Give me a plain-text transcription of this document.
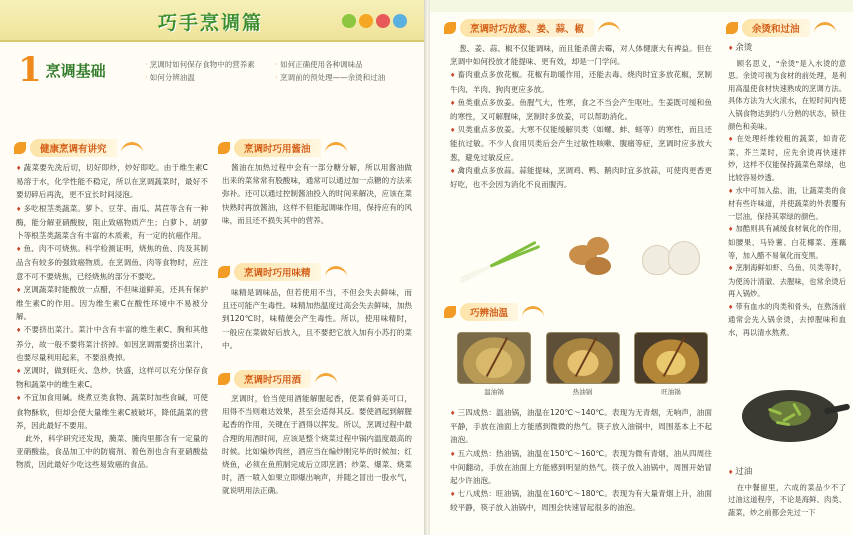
巧手烹调篇
1 烹调基础	· 烹调时如何保存食物中的营养素	· 如何正确使用各种调味品 · 如何分辨油温	· 烹调前的预处理——余烫和过油
健康烹调有讲究

♦ 蔬菜要先洗后切，切好即炒，炒好即吃。由于维生素C易溶于水，化学性能不稳定，所以在烹调蔬菜时，最好不要切碎后再洗，更不宜长时间浸泡。

♦ 多吃根茎类蔬菜。萝卜、豆芽、南瓜、莴苣等含有一种酶，能分解亚硝酸胺，阻止致癌物质产生；白萝卜、胡萝卜等根茎类蔬菜含有丰富的木质素，有一定的抗癌作用。

♦ 鱼、肉不可烧焦。科学检测证明，烧焦的鱼、肉及其制品含有较多的强致癌物质。在烹调鱼、肉等食物时，应注意不可不要烧焦，已经烧焦的部分不要吃。

♦ 烹调蔬菜时能酸放一点醋，不但味道鲜美，还具有保护维生素C的作用。因为维生素C在酸性环境中不易被分解。

♦ 不要挤出菜汁。菜汁中含有丰富的维生素C、胸和其他养分，故一般不要将菜汁挤掉。如因烹调需要挤出菜汁，也要尽量利用起来，不要浪费掉。

♦ 烹调时，做到旺火、急炒、快盛，这样可以充分保存食物和蔬菜中的维生素C。

♦ 不宜加食用碱。烧煮豆类食物、蔬菜时加些食碱，可使食物酥软，但却会使大量维生素C被破坏，降低蔬菜的营养，因此最好不要用。

此外，科学研究还发现，腌菜、腌肉里都含有一定量的亚硝酸盐，食品加工中的防腐剂、着色剂也含有亚硝酸盐物质，因此最好少吃这些易致癌的食品。

烹调时巧用酱油

酱油在加热过程中会有一部分糖分解，所以用酱油做出来的菜常常有股酸味，通常可以通过加一点糖的方法来弥补。还可以通过控制酱油投入的时间来解决，应该在菜快熟时再放酱油，这样不但能起调味作用，保持应有的风味，而且还不损失其中的营养。

烹调时巧用味精

味精是调味品，但若使用不当，不但会失去鲜味，而且还可能产生毒性。味精加热温度过高会失去鲜味，加热到120℃时，味精便会产生毒性。所以，使用味精时，一般应在菜做好后放入，且不要把它放入加有小苏打的菜中。

烹调时巧用酒

烹调时，恰当使用酒能解腥起香，使菜肴鲜美可口，用得不当则难达效果，甚至会适得其反。要使酒起到解腥起香的作用，关键在于酒得以挥发。所以，烹调过程中最合理的用酒时间，应该是整个烧菜过程中锅内温度最高的时候。比如煸炒肉丝，酒应当在煸炒刚完毕的时候加；红烧鱼，必须在鱼煎制完成后立即烹酒；炒菜、爆菜、烧菜时，酒一喷入如果立即爆出响声，并随之冒出一股水气，就说明用法正确。

烹调时巧放葱、姜、蒜、椒

葱、姜、蒜、椒不仅能调味，而且能杀菌去霉，对人体健康大有裨益。但在烹调中如何投放才能提味、更有效，却是一门学问。

♦ 畜肉重点多放花椒。花椒有助暖作用，还能去毒。烧肉时宜多放花椒，烹制牛肉、羊肉、狗肉更应多放。

♦ 鱼类重点多放姜。鱼腥气大，性寒，食之不当会产生呕吐。生姜既可缓和鱼的寒性，又可解腥味，烹制时多放姜，可以帮助消化。

♦ 贝类重点多放姜。大寒不仅能缓解贝类（如螺、蚌、蛏等）的寒性，而且还能抗过敏。不少人食用贝类后会产生过敏性咳嗽、腹痛等症，烹调时应多放大葱，避免过敏反应。

♦ 禽肉重点多放蒜。蒜能提味，烹调鸡、鸭、鹅肉时宜多放蒜，可使肉更香更好吃，也不会因为消化不良而腹泻。

巧辨油温
温油锅	热油锅	旺油锅

♦ 三四成热：温油锅，油温在120℃～140℃。表现为无青烟，无响声，油面平静，手放在油面上方能感到微微的热气。筷子放入油锅中，周围基本上不起油泡。

♦ 五六成热：热油锅，油温在150℃～160℃。表现为微有青烟，油从四周往中间翻动，手放在油面上方能感到明显的热气。筷子放入油锅中，周围开始冒起少许油泡。

♦ 七八成热：旺油锅，油温在160℃～180℃。表现为有大量青烟上升，油面较平静，筷子放入油锅中，周围会快速冒起很多的油泡。

余烫和过油
♦ 余烫

顾名思义，"余烫"是入水烫的意思。余烫可视为食材的前处理，是利用高温使食材快速熟成的烹调方法。具体方法为大火滚水，在短时间内使入锅食物达到约八分熟的状态，锁住颜色和美味。

♦ 在处理纤维较粗的蔬菜，如青花菜、芥兰菜时，应先余烫再快速拌炒，这样不仅能保持蔬菜色翠绿，也比较容易炒透。

♦ 水中可加入盐、油，让蔬菜类的食材有些许味道，并使蔬菜的外表覆有一层油，保持其翠绿的颜色。

♦ 加酷则具有减缓食材氧化的作用，如腰果、马铃薯、白花椰菜、莲藕等，加入醋不易氧化而变黑。

♦ 烹制海鲜如虾、乌鱼、贝类等时，为使汤汁清澈、去腥味，也常余烫后再入锅炒。

♦ 带有血水的肉类和骨头，在熬汤前通常会先入锅余烫，去掉腥味和血水，再以清水熬煮。

♦ 过油

在中餐留里，六成的菜品少不了过油这道程序，不论是海鲜、肉类、蔬菜，炒之前都会先过一下
